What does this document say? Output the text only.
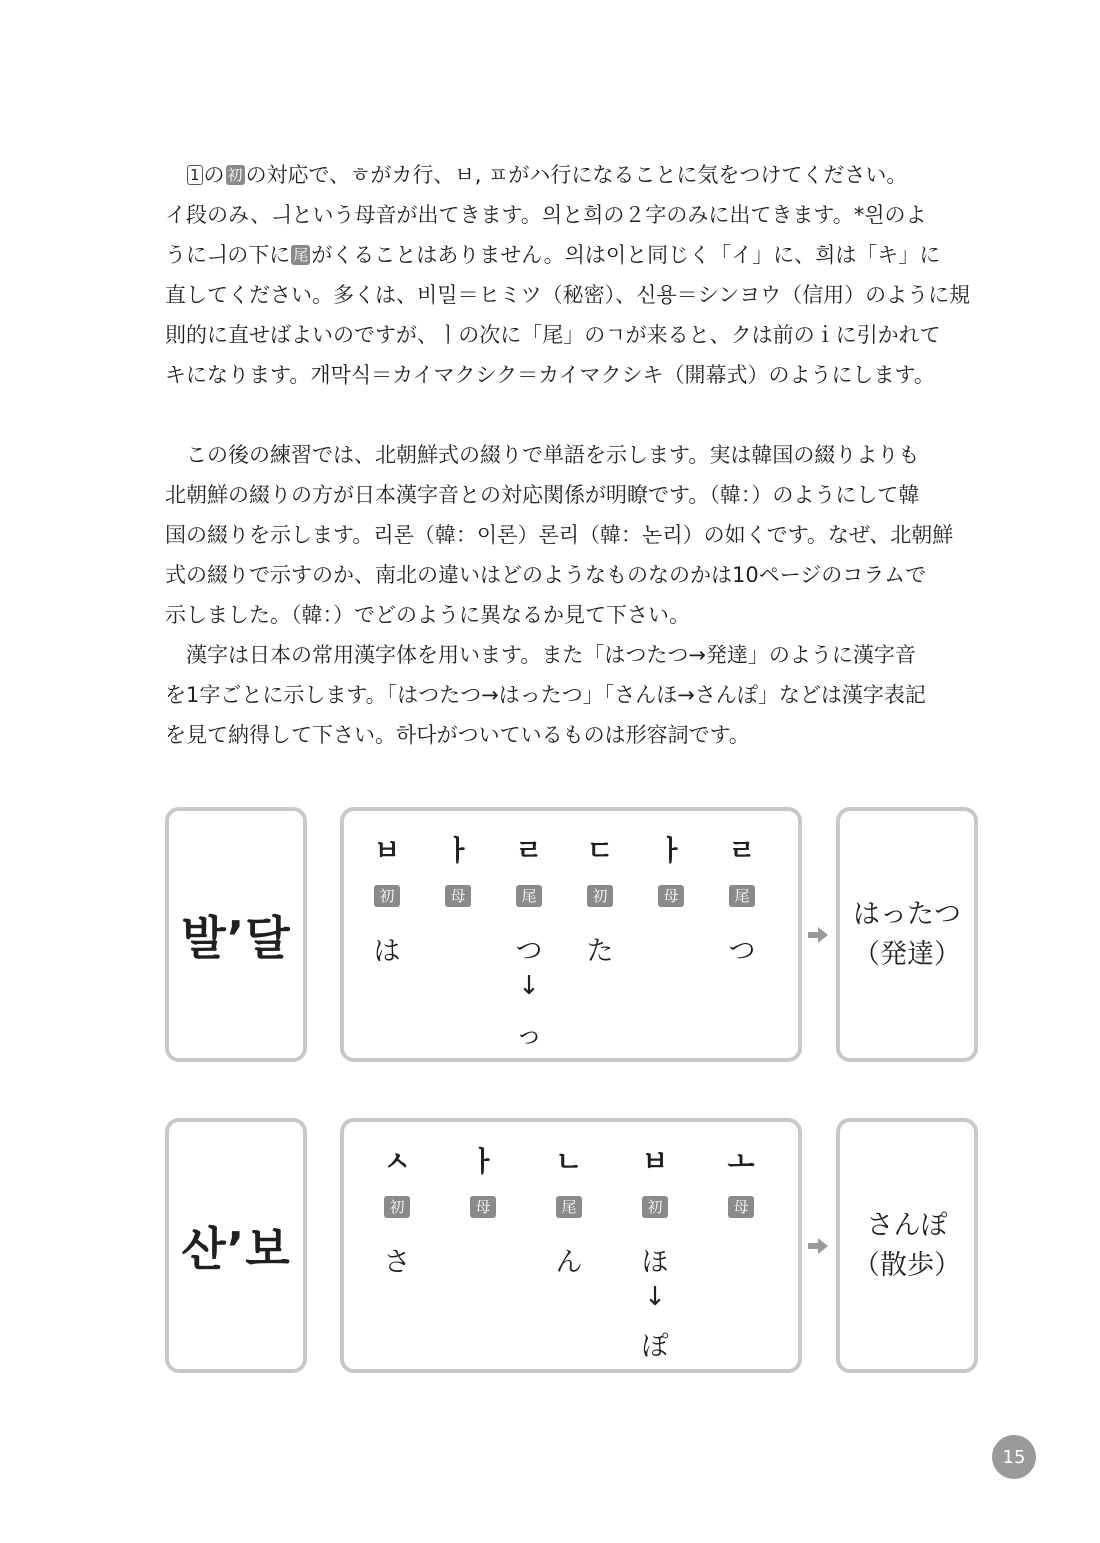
1 の 初 の対応で、ㅎがカ行、ㅂ, ㅍがハ行になることに気をつけてください。

イ段のみ、ㅢという母音が出てきます。의と희の２字のみに出てきます。*읜のよ

うにㅢの下に 尾 がくることはありません。의は이と同じく「イ」に、희は「キ」に

直してください。多くは、비밀＝ヒミツ（秘密）、신용＝シンヨウ（信用）のように規

則的に直せばよいのですが、ㅣの次に「尾」のㄱが来ると、クは前のｉに引かれて

キになります。개막식＝カイマクシク＝カイマクシキ（開幕式）のようにします。

この後の練習では、北朝鮮式の綴りで単語を示します。実は韓国の綴りよりも

北朝鮮の綴りの方が日本漢字音との対応関係が明瞭です。（韓：）のようにして韓

国の綴りを示します。리론（韓：이론）론리（韓：논리）の如くです。なぜ、北朝鮮

式の綴りで示すのか、南北の違いはどのようなものなのかは10ページのコラムで

示しました。（韓：）でどのように異なるか見て下さい。

漢字は日本の常用漢字体を用います。また「はつたつ→発達」のように漢字音

を1字ごとに示します。「はつたつ→はったつ」「さんほ→さんぽ」などは漢字表記

を見て納得して下さい。하다がついているものは形容詞です。

발’달
ㅂ
初
は
ㅏ
母
ㄹ
尾
つ
↓
っ
ㄷ
初
た
ㅏ
母
ㄹ
尾
つ
はったつ
（発達）
산’보
ㅅ
初
さ
ㅏ
母
ㄴ
尾
ん
ㅂ
初
ほ
↓
ぽ
ㅗ
母
さんぽ
（散歩）
15
